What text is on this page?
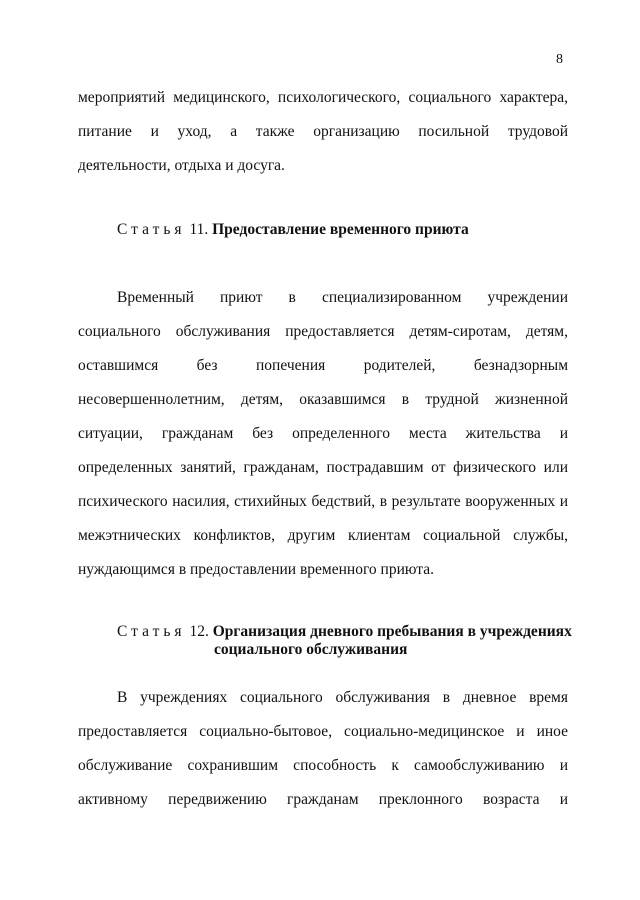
8
мероприятий медицинского, психологического, социального характера,
питание и уход, а также организацию посильной трудовой
деятельности, отдыха и досуга.
Статья 11. Предоставление временного приюта
Временный приют в специализированном учреждении
социального обслуживания предоставляется детям-сиротам, детям,
оставшимся без попечения родителей, безнадзорным
несовершеннолетним, детям, оказавшимся в трудной жизненной
ситуации, гражданам без определенного места жительства и
определенных занятий, гражданам, пострадавшим от физического или
психического насилия, стихийных бедствий, в результате вооруженных и
межэтнических конфликтов, другим клиентам социальной службы,
нуждающимся в предоставлении временного приюта.
Статья 12. Организация дневного пребывания в учреждениях
социального обслуживания
В учреждениях социального обслуживания в дневное время
предоставляется социально-бытовое, социально-медицинское и иное
обслуживание сохранившим способность к самообслуживанию и
активному передвижению гражданам преклонного возраста и
